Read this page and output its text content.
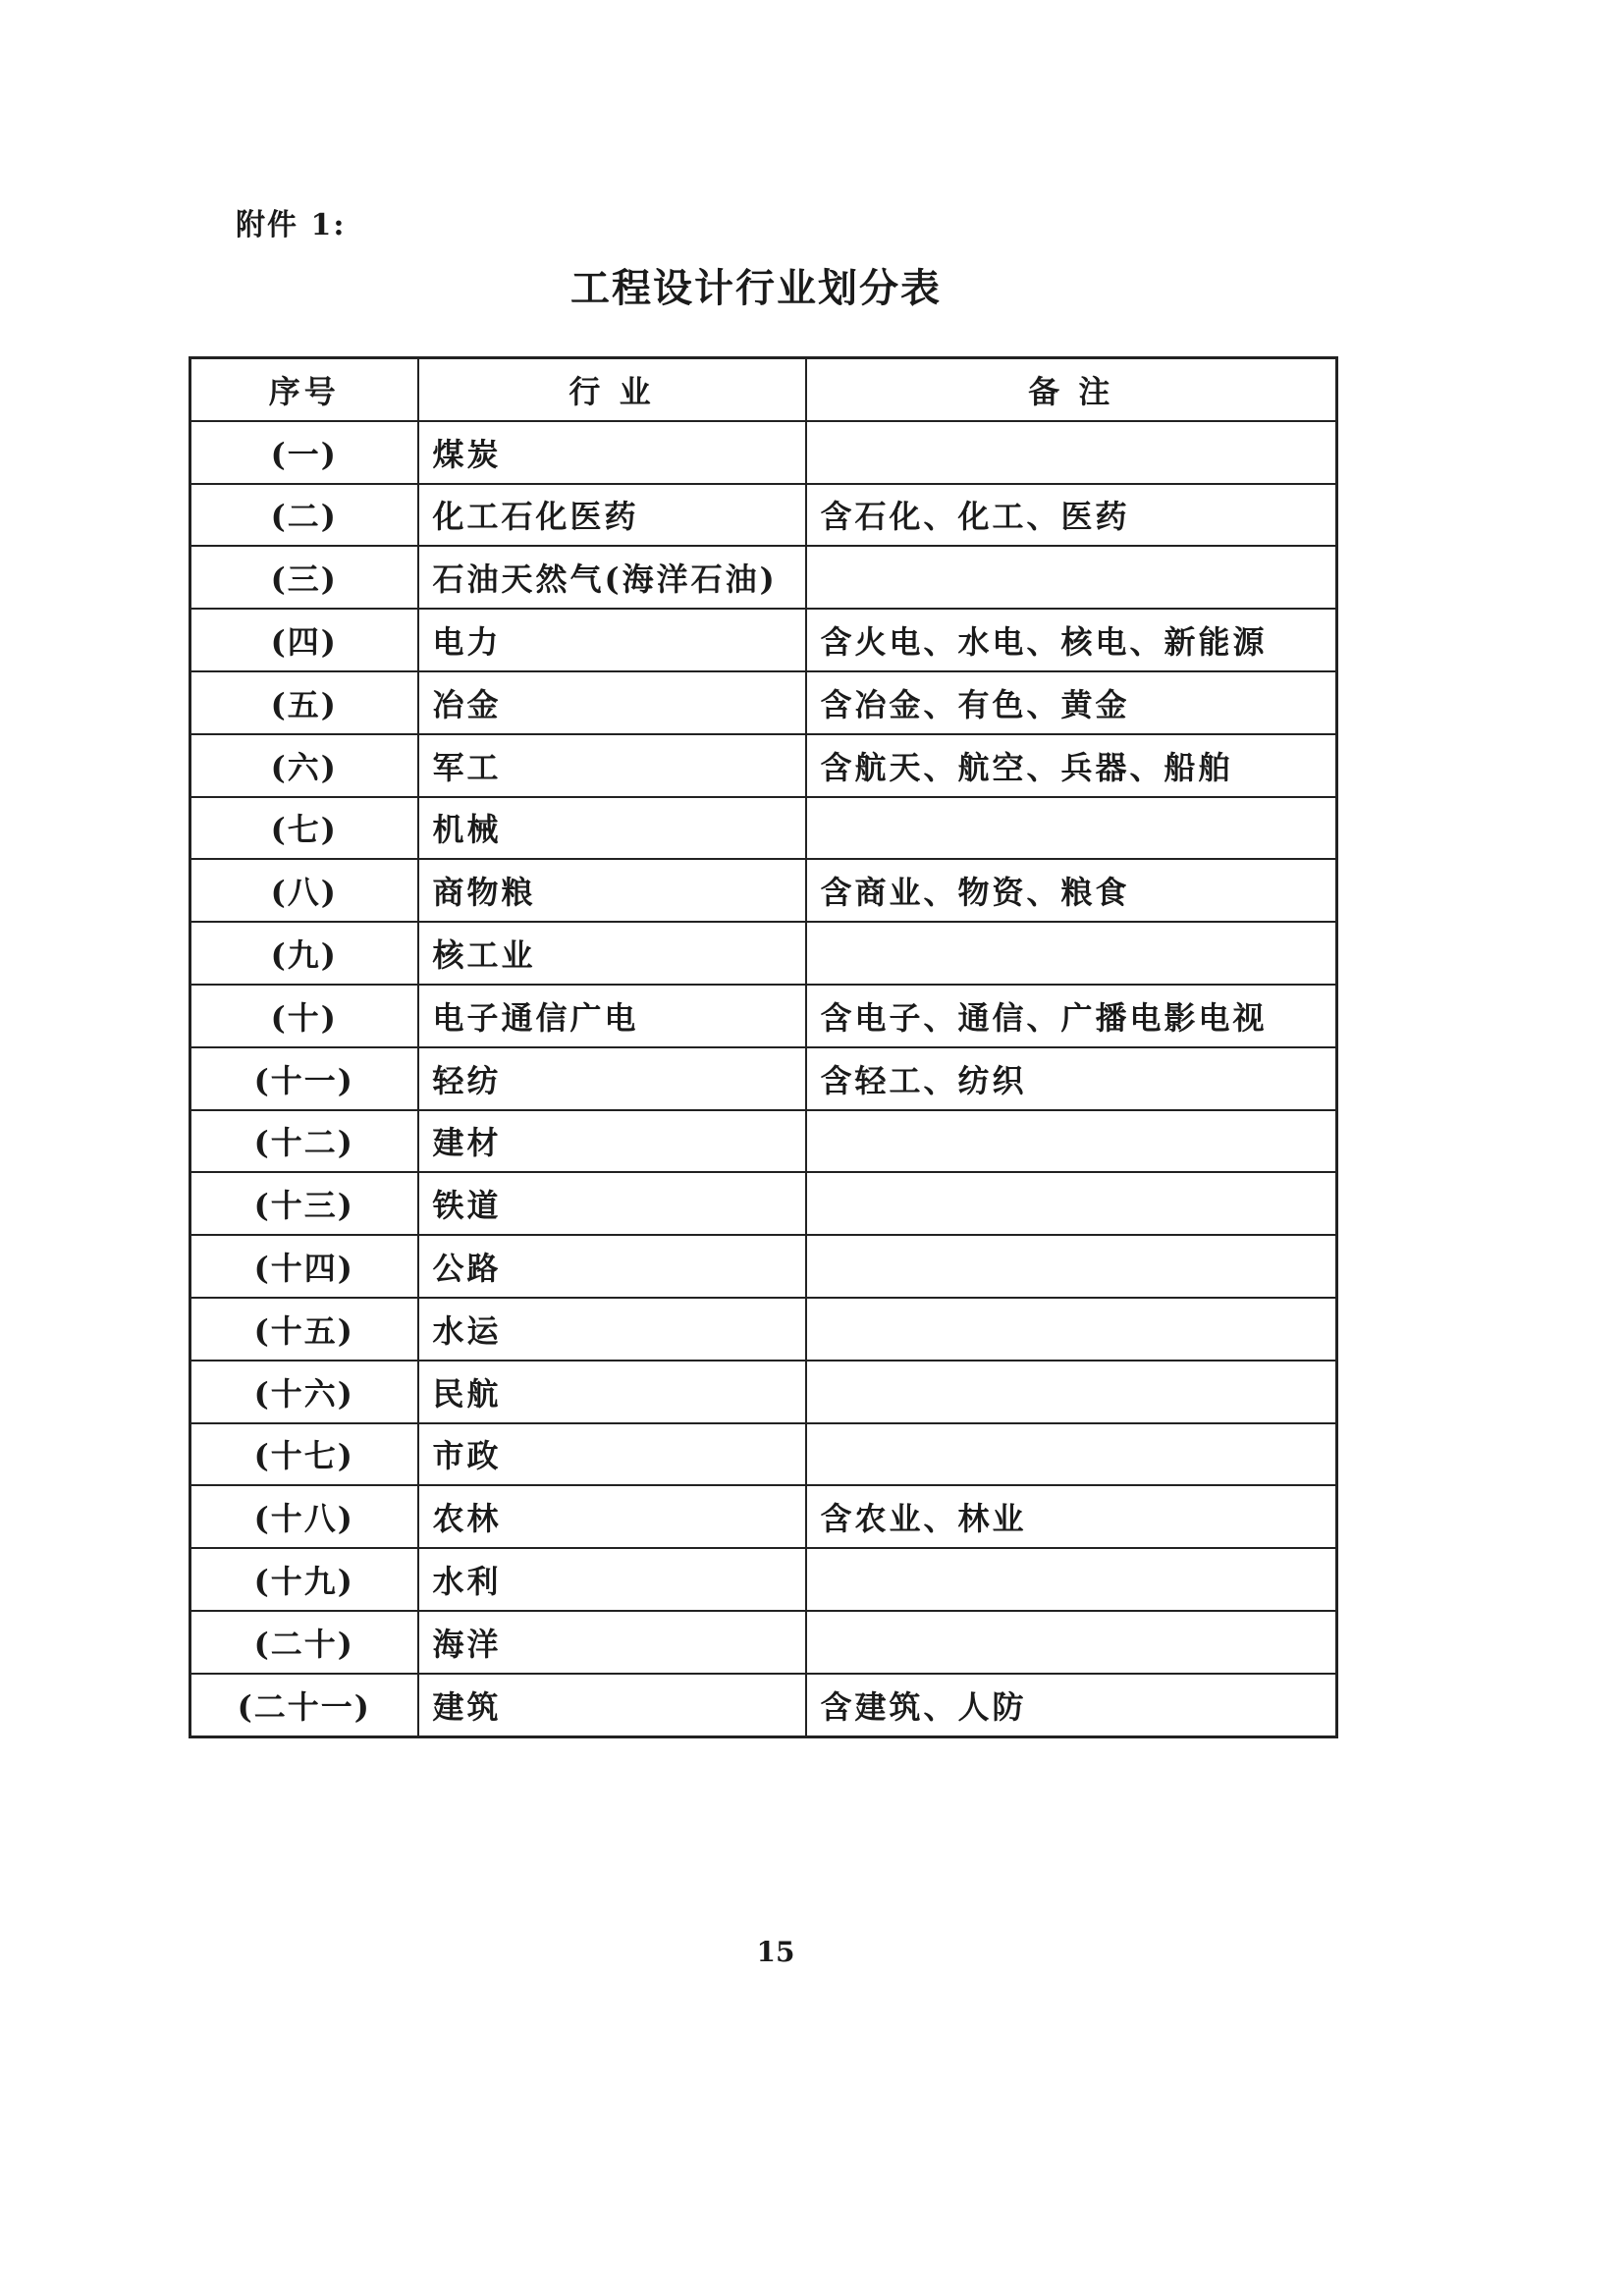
附件 1:
工程设计行业划分表
序号	行 业	备 注
(一)	煤炭	
(二)	化工石化医药	含石化、化工、医药
(三)	石油天然气(海洋石油)	
(四)	电力	含火电、水电、核电、新能源
(五)	冶金	含冶金、有色、黄金
(六)	军工	含航天、航空、兵器、船舶
(七)	机械	
(八)	商物粮	含商业、物资、粮食
(九)	核工业	
(十)	电子通信广电	含电子、通信、广播电影电视
(十一)	轻纺	含轻工、纺织
(十二)	建材	
(十三)	铁道	
(十四)	公路	
(十五)	水运	
(十六)	民航	
(十七)	市政	
(十八)	农林	含农业、林业
(十九)	水利	
(二十)	海洋	
(二十一)	建筑	含建筑、人防
15
